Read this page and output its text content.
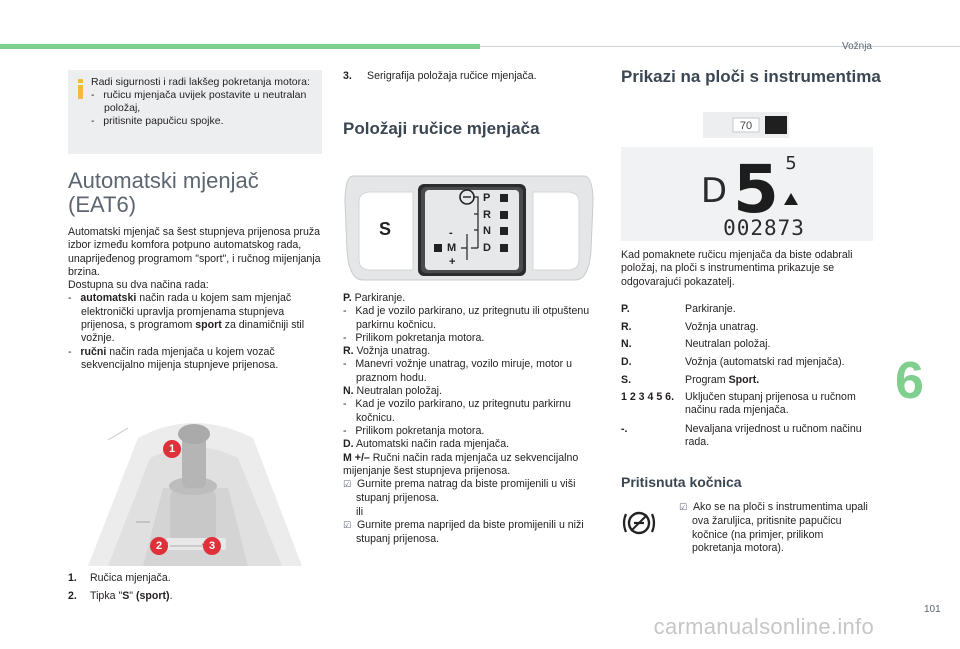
Vožnja
6
101
carmanualsonline.info
Radi sigurnosti i radi lakšeg pokretanja motora:
-   ručicu mjenjača uvijek postavite u neutralan položaj,
-   pritisnite papučicu spojke.
Automatski mjenjač
(EAT6)
Automatski mjenjač sa šest stupnjeva prijenosa pruža izbor između komfora potpuno automatskog rada, unaprijeđenog programom "sport", i ručnog mijenjanja brzina.
Dostupna su dva načina rada:
-   automatski način rada u kojem sam mjenjač elektronički upravlja promjenama stupnjeva prijenosa, s programom sport za dinamičniji stil vožnje.
-   ručni način rada mjenjača u kojem vozač sekvencijalno mijenja stupnjeve prijenosa.
1
2	3
1. Ručica mjenjača.
2. Tipka "S" (sport).
3. Serigrafija položaja ručice mjenjača.
Položaji ručice mjenjača
S
P
R
N
D
M
-
+
P. Parkiranje.
-   Kad je vozilo parkirano, uz pritegnutu ili otpuštenu parkirnu kočnicu.
-   Prilikom pokretanja motora.
R. Vožnja unatrag.
-   Manevri vožnje unatrag, vozilo miruje, motor u praznom hodu.
N. Neutralan položaj.
-   Kad je vozilo parkirano, uz pritegnutu parkirnu kočnicu.
-   Prilikom pokretanja motora.
D. Automatski način rada mjenjača.
M +/– Ručni način rada mjenjača uz sekvencijalno mijenjanje šest stupnjeva prijenosa.
☑ Gurnite prema natrag da biste promijenili u viši stupanj prijenosa.
ili
☑ Gurnite prema naprijed da biste promijenili u niži stupanj prijenosa.
Prikazi na ploči s instrumentima
70
D 5 5
002873
Kad pomaknete ručicu mjenjača da biste odabrali položaj, na ploči s instrumentima prikazuje se odgovarajući pokazatelj.
P.	Parkiranje.
R.	Vožnja unatrag.
N.	Neutralan položaj.
D.	Vožnja (automatski rad mjenjača).
S.	Program Sport.
1 2 3 4 5 6. Uključen stupanj prijenosa u ručnom načinu rada mjenjača.
-.	Nevaljana vrijednost u ručnom načinu rada.
Pritisnuta kočnica
☑ Ako se na ploči s instrumentima upali ova žaruljica, pritisnite papučicu kočnice (na primjer, prilikom pokretanja motora).
